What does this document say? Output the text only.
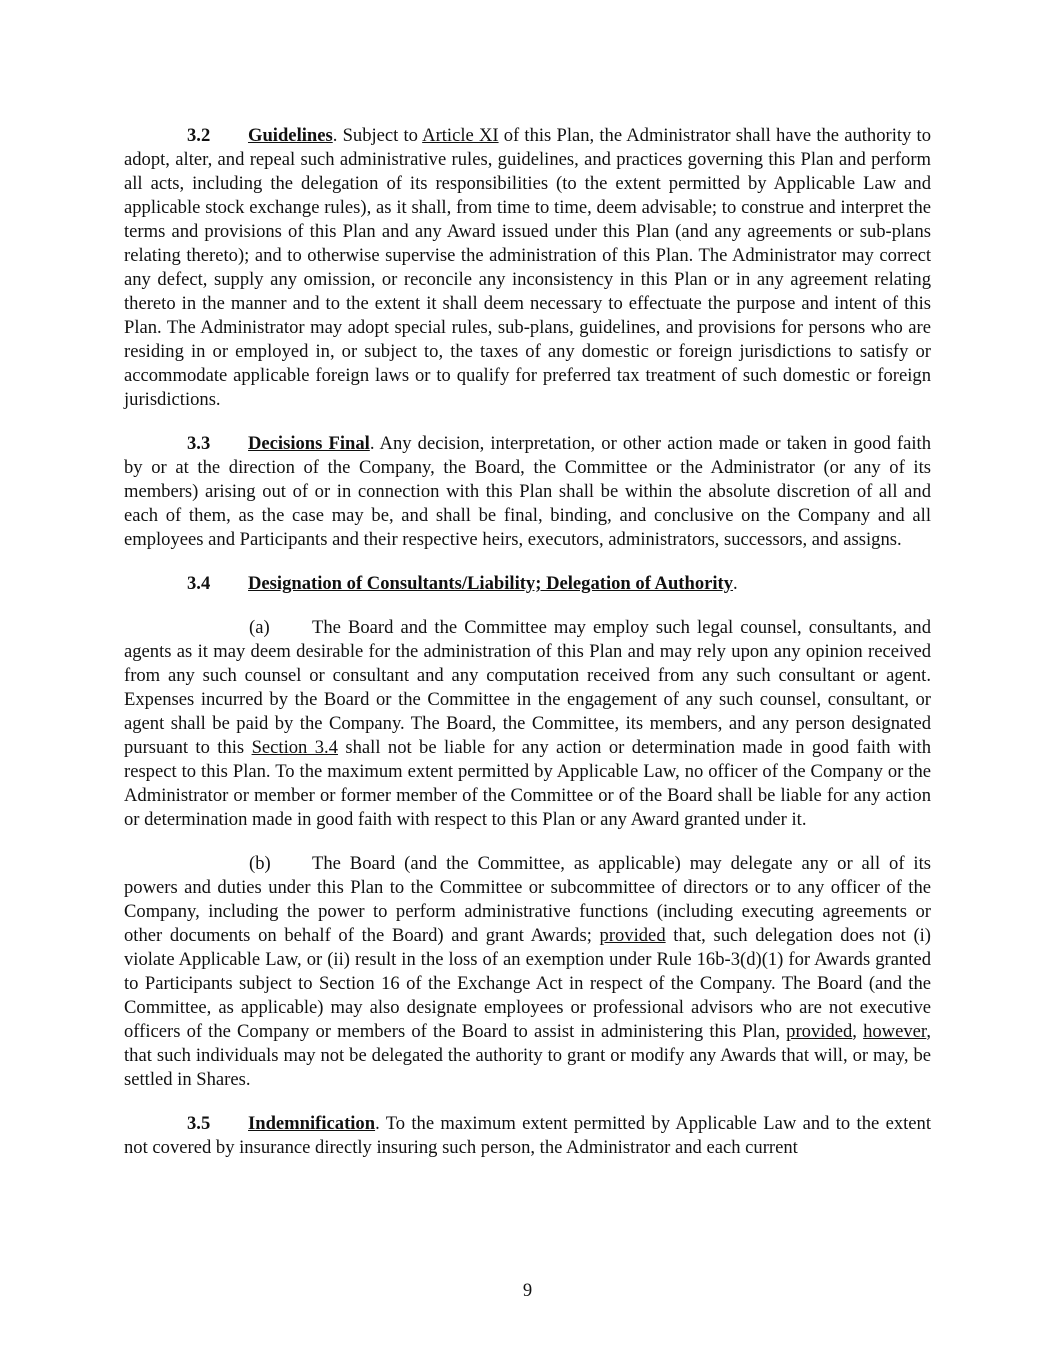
3.2 Guidelines. Subject to Article XI of this Plan, the Administrator shall have the authority to adopt, alter, and repeal such administrative rules, guidelines, and practices governing this Plan and perform all acts, including the delegation of its responsibilities (to the extent permitted by Applicable Law and applicable stock exchange rules), as it shall, from time to time, deem advisable; to construe and interpret the terms and provisions of this Plan and any Award issued under this Plan (and any agreements or sub-plans relating thereto); and to otherwise supervise the administration of this Plan. The Administrator may correct any defect, supply any omission, or reconcile any inconsistency in this Plan or in any agreement relating thereto in the manner and to the extent it shall deem necessary to effectuate the purpose and intent of this Plan. The Administrator may adopt special rules, sub-plans, guidelines, and provisions for persons who are residing in or employed in, or subject to, the taxes of any domestic or foreign jurisdictions to satisfy or accommodate applicable foreign laws or to qualify for preferred tax treatment of such domestic or foreign jurisdictions.

3.3 Decisions Final. Any decision, interpretation, or other action made or taken in good faith by or at the direction of the Company, the Board, the Committee or the Administrator (or any of its members) arising out of or in connection with this Plan shall be within the absolute discretion of all and each of them, as the case may be, and shall be final, binding, and conclusive on the Company and all employees and Participants and their respective heirs, executors, administrators, successors, and assigns.

3.4 Designation of Consultants/Liability; Delegation of Authority.

(a) The Board and the Committee may employ such legal counsel, consultants, and agents as it may deem desirable for the administration of this Plan and may rely upon any opinion received from any such counsel or consultant and any computation received from any such consultant or agent. Expenses incurred by the Board or the Committee in the engagement of any such counsel, consultant, or agent shall be paid by the Company. The Board, the Committee, its members, and any person designated pursuant to this Section 3.4 shall not be liable for any action or determination made in good faith with respect to this Plan. To the maximum extent permitted by Applicable Law, no officer of the Company or the Administrator or member or former member of the Committee or of the Board shall be liable for any action or determination made in good faith with respect to this Plan or any Award granted under it.

(b) The Board (and the Committee, as applicable) may delegate any or all of its powers and duties under this Plan to the Committee or subcommittee of directors or to any officer of the Company, including the power to perform administrative functions (including executing agreements or other documents on behalf of the Board) and grant Awards; provided that, such delegation does not (i) violate Applicable Law, or (ii) result in the loss of an exemption under Rule 16b-3(d)(1) for Awards granted to Participants subject to Section 16 of the Exchange Act in respect of the Company. The Board (and the Committee, as applicable) may also designate employees or professional advisors who are not executive officers of the Company or members of the Board to assist in administering this Plan, provided, however, that such individuals may not be delegated the authority to grant or modify any Awards that will, or may, be settled in Shares.

3.5 Indemnification. To the maximum extent permitted by Applicable Law and to the extent not covered by insurance directly insuring such person, the Administrator and each current

9
